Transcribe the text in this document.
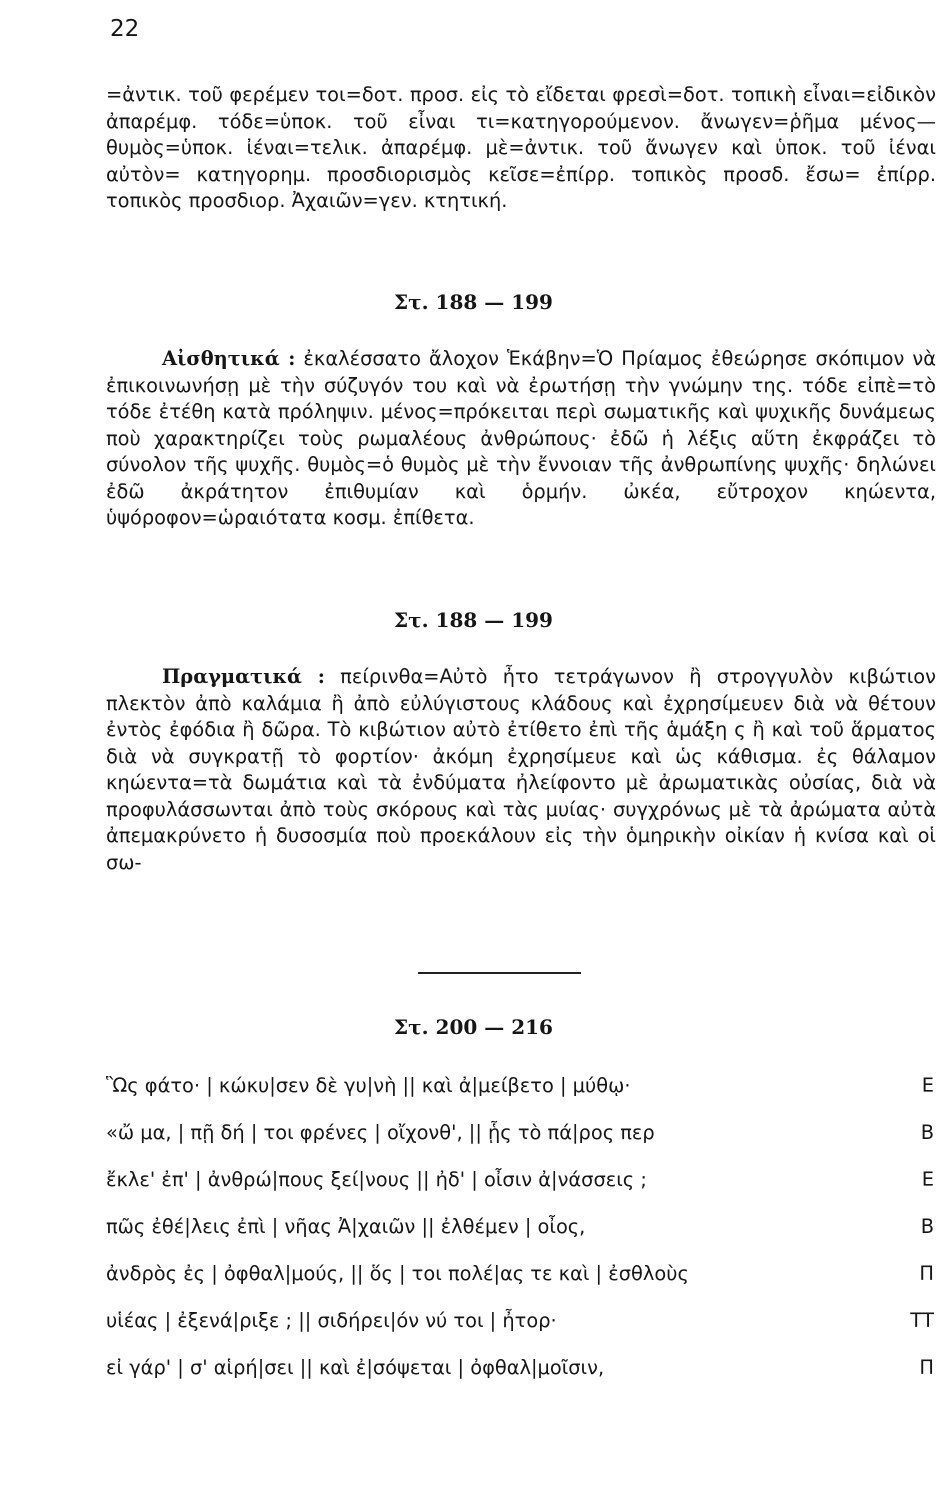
22

=ἀντικ. τοῦ φερέμεν τοι=δοτ. προσ. εἰς τὸ εἴδεται φρεσὶ=δοτ. τοπικὴ εἶναι=εἰδικὸν ἀπαρέμφ. τόδε=ὑποκ. τοῦ εἶναι τι=κατηγορούμενον. ἄνωγεν=ῥῆμα μένος—θυμὸς=ὑποκ. ἰέναι=τελικ. ἀπαρέμφ. μὲ=ἀντικ. τοῦ ἄνωγεν καὶ ὑποκ. τοῦ ἰέναι αὐτὸν= κατηγορημ. προσδιορισμὸς κεῖσε=ἐπίρρ. τοπικὸς προσδ. ἔσω= ἐπίρρ. τοπικὸς προσδιορ. Ἀχαιῶν=γεν. κτητική.

Στ. 188 — 199

Αἰσθητικά : ἐκαλέσσατο ἄλοχον Ἑκάβην=Ὁ Πρίαμος ἐθεώρησε σκόπιμον νὰ ἐπικοινωνήσῃ μὲ τὴν σύζυγόν του καὶ νὰ ἐρωτήσῃ τὴν γνώμην της. τόδε εἰπὲ=τὸ τόδε ἐτέθη κατὰ πρόληψιν. μένος=πρόκειται περὶ σωματικῆς καὶ ψυχικῆς δυνάμεως ποὺ χαρακτηρίζει τοὺς ρωμαλέους ἀνθρώπους· ἐδῶ ἡ λέξις αὕτη ἐκφράζει τὸ σύνολον τῆς ψυχῆς. θυμὸς=ὁ θυμὸς μὲ τὴν ἔννοιαν τῆς ἀνθρωπίνης ψυχῆς· δηλώνει ἐδῶ ἀκράτητον ἐπιθυμίαν καὶ ὁρμήν. ὠκέα, εὔτροχον κηώεντα, ὑψόροφον=ὡραιότατα κοσμ. ἐπίθετα.

Στ. 188 — 199

Πραγματικά : πείρινθα=Αὐτὸ ἦτο τετράγωνον ἢ στρογγυλὸν κιβώτιον πλεκτὸν ἀπὸ καλάμια ἢ ἀπὸ εὐλύγιστους κλάδους καὶ ἐχρησίμευεν διὰ νὰ θέτουν ἐντὸς ἐφόδια ἢ δῶρα. Τὸ κιβώτιον αὐτὸ ἐτίθετο ἐπὶ τῆς ἁμάξη ς ἢ καὶ τοῦ ἅρματος διὰ νὰ συγκρατῇ τὸ φορτίον· ἀκόμη ἐχρησίμευε καὶ ὡς κάθισμα. ἐς θάλαμον κηώεντα=τὰ δωμάτια καὶ τὰ ἐνδύματα ἠλείφοντο μὲ ἀρωματικὰς οὐσίας, διὰ νὰ προφυλάσσωνται ἀπὸ τοὺς σκόρους καὶ τὰς μυίας· συγχρόνως μὲ τὰ ἀρώματα αὐτὰ ἀπεμακρύνετο ἡ δυσοσμία ποὺ προεκάλουν εἰς τὴν ὁμηρικὴν οἰκίαν ἡ κνίσα καὶ οἱ σω-

Στ. 200 — 216
Ὣς φάτο· | κώκυ|σεν δὲ γυ|νὴ || καὶ ἀ|μείβετο | μύθῳ·	Ε
«ὤ μα, | πῇ δή | τοι φρένες | οἴχονθ', || ᾗς τὸ πά|ρος περ	Β
ἔκλε' ἐπ' | ἀνθρώ|πους ξεί|νους || ἠδ' | οἶσιν ἀ|νάσσεις ;	Ε
πῶς ἐθέ|λεις ἐπὶ | νῆας Ἀ|χαιῶν || ἐλθέμεν | οἶος,	Β
ἀνδρὸς ἐς | ὀφθαλ|μούς, || ὅς | τοι πολέ|ας τε καὶ | ἐσθλοὺς	Π
υἱέας | ἐξενά|ριξε ; || σιδήρει|όν νύ τοι | ἦτορ·	ΤΤ
εἰ γάρ' | σ' αἱρή|σει || καὶ ἐ|σόψεται | ὀφθαλ|μοῖσιν,	Π
